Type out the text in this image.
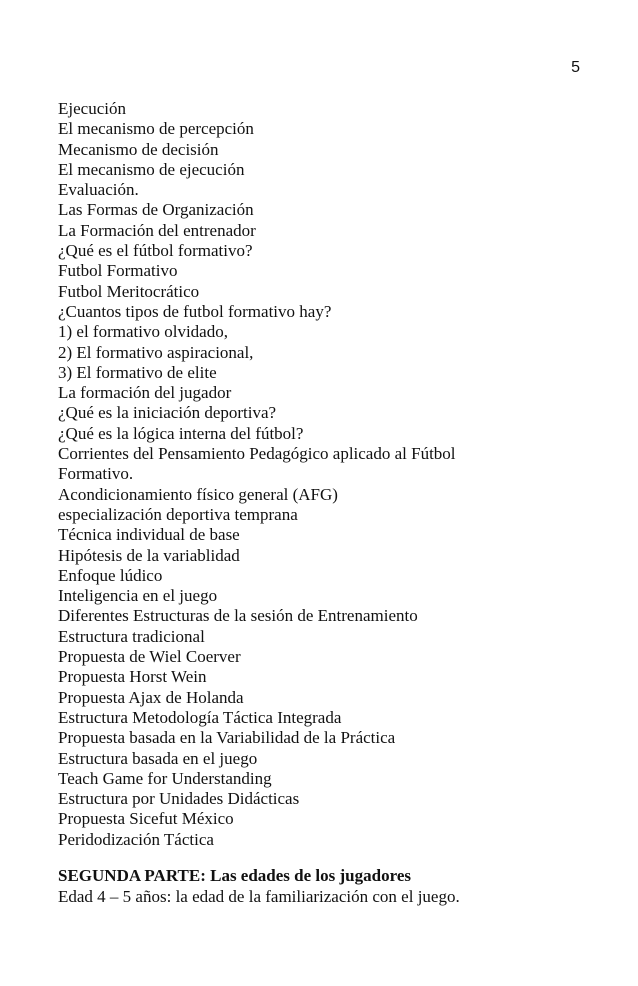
5
Ejecución
El mecanismo de percepción
Mecanismo de decisión
El mecanismo de ejecución
Evaluación.
Las Formas de Organización
La Formación del entrenador
¿Qué es el fútbol formativo?
Futbol Formativo
Futbol Meritocrático
¿Cuantos tipos de futbol formativo hay?
1) el formativo olvidado,
2) El formativo aspiracional,
3) El formativo de elite
La formación del jugador
¿Qué es la iniciación deportiva?
¿Qué es la lógica interna del fútbol?
Corrientes del Pensamiento Pedagógico aplicado al Fútbol
Formativo.
Acondicionamiento físico general (AFG)
especialización deportiva temprana
Técnica individual de base
Hipótesis de la variablidad
Enfoque lúdico
Inteligencia en el juego
Diferentes Estructuras de la sesión de Entrenamiento
Estructura tradicional
Propuesta de Wiel Coerver
Propuesta Horst Wein
Propuesta Ajax de Holanda
Estructura Metodología Táctica Integrada
Propuesta basada en la Variabilidad de la Práctica
Estructura basada en el juego
Teach Game for Understanding
Estructura por Unidades Didácticas
Propuesta Sicefut México
Peridodización Táctica
SEGUNDA PARTE: Las edades de los jugadores
Edad 4 – 5 años: la edad de la familiarización con el juego.
